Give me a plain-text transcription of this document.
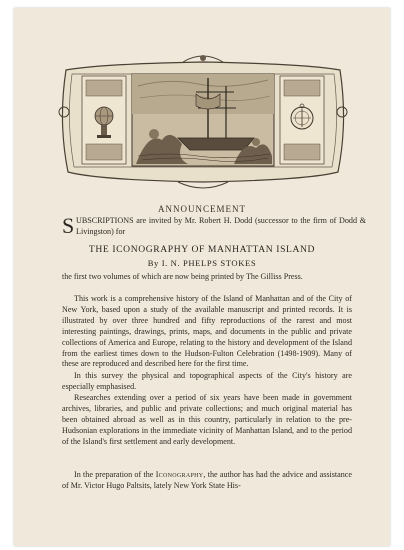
ANNOUNCEMENT
S UBSCRIPTIONS are invited by Mr. Robert H. Dodd (successor to the firm of Dodd & Livingston) for
THE ICONOGRAPHY OF MANHATTAN ISLAND
By I. N. PHELPS STOKES
the first two volumes of which are now being printed by The Gilliss Press.
This work is a comprehensive history of the Island of Manhattan and of the City of New York, based upon a study of the available manuscript and printed records. It is illustrated by over three hundred and fifty reproductions of the rarest and most interesting paintings, drawings, prints, maps, and documents in the public and private collections of America and Europe, relating to the history and development of the Island from the earliest times down to the Hudson-Fulton Celebration (1498-1909). Many of these are reproduced and described here for the first time.
In this survey the physical and topographical aspects of the City's history are especially emphasised.
Researches extending over a period of six years have been made in government archives, libraries, and public and private collections; and much original material has been obtained abroad as well as in this country, particularly in relation to the pre-Hudsonian explorations in the immediate vicinity of Manhattan Island, and to the period of the Island's first settlement and early development.
In the preparation of the Iconography, the author has had the advice and assistance of Mr. Victor Hugo Paltsits, lately New York State His-
